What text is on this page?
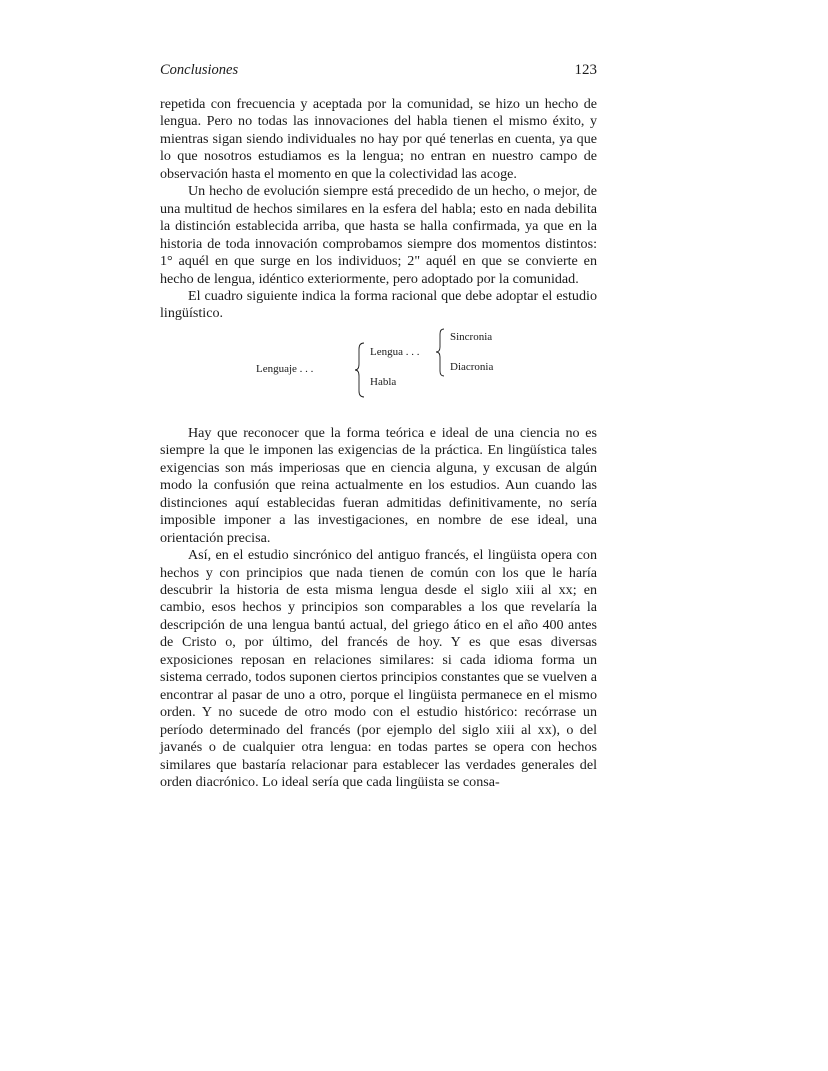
Conclusiones	123

repetida con frecuencia y aceptada por la comunidad, se hizo un hecho de lengua. Pero no todas las innovaciones del habla tienen el mismo éxito, y mientras sigan siendo individuales no hay por qué tenerlas en cuenta, ya que lo que nosotros estudiamos es la lengua; no entran en nuestro campo de observación hasta el momento en que la colectividad las acoge.

Un hecho de evolución siempre está precedido de un hecho, o mejor, de una multitud de hechos similares en la esfera del habla; esto en nada debilita la distinción establecida arriba, que hasta se halla confirmada, ya que en la historia de toda innovación comprobamos siempre dos momentos distintos: 1° aquél en que surge en los individuos; 2" aquél en que se convierte en hecho de lengua, idéntico exteriormente, pero adoptado por la comunidad.

El cuadro siguiente indica la forma racional que debe adoptar el estudio lingüístico.

Lenguaje . . .
Lengua . . .
Habla
Sincronia
Diacronia

Hay que reconocer que la forma teórica e ideal de una ciencia no es siempre la que le imponen las exigencias de la práctica. En lingüística tales exigencias son más imperiosas que en ciencia alguna, y excusan de algún modo la confusión que reina actualmente en los estudios. Aun cuando las distinciones aquí establecidas fueran admitidas definitivamente, no sería imposible imponer a las investigaciones, en nombre de ese ideal, una orientación precisa.

Así, en el estudio sincrónico del antiguo francés, el lingüista opera con hechos y con principios que nada tienen de común con los que le haría descubrir la historia de esta misma lengua desde el siglo xiii al xx; en cambio, esos hechos y principios son comparables a los que revelaría la descripción de una lengua bantú actual, del griego ático en el año 400 antes de Cristo o, por último, del francés de hoy. Y es que esas diversas exposiciones reposan en relaciones similares: si cada idioma forma un sistema cerrado, todos suponen ciertos principios constantes que se vuelven a encontrar al pasar de uno a otro, porque el lingüista permanece en el mismo orden. Y no sucede de otro modo con el estudio histórico: recórrase un período determinado del francés (por ejemplo del siglo xiii al xx), o del javanés o de cualquier otra lengua: en todas partes se opera con hechos similares que bastaría relacionar para establecer las verdades generales del orden diacrónico. Lo ideal sería que cada lingüista se consa-
